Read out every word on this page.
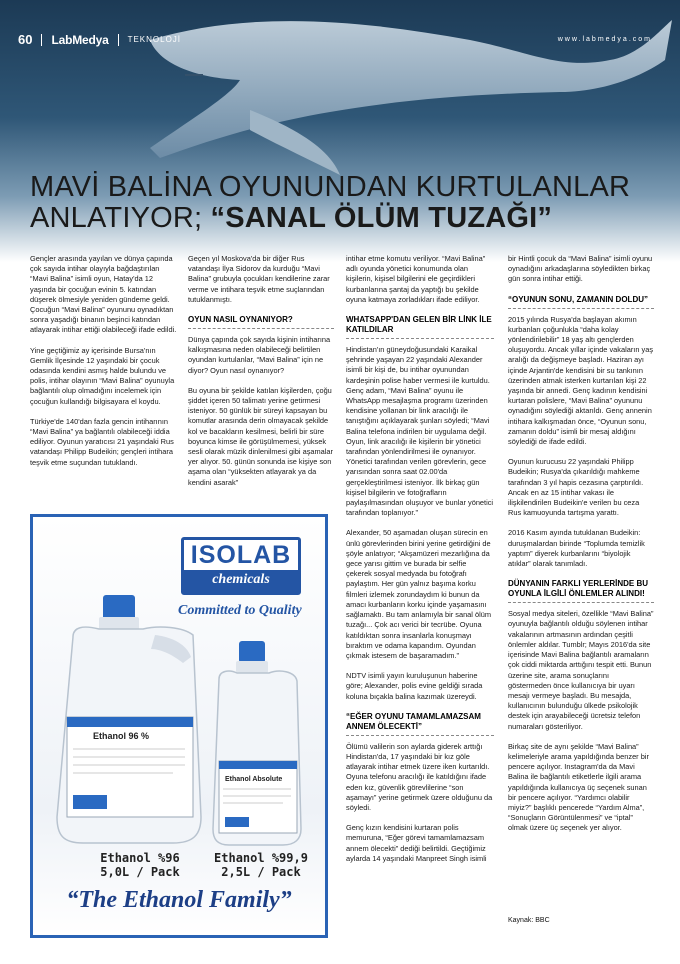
60 LabMedya TEKNOLOJİ	www.labmedya.com
MAVİ BALİNA OYUNUNDAN KURTULANLAR
ANLATIYOR; “SANAL ÖLÜM TUZAĞI”

Gençler arasında yayılan ve dünya çapında çok sayıda intihar olayıyla bağdaştırılan “Mavi Balina” isimli oyun, Hatay'da 12 yaşında bir çocuğun evinin 5. katından düşerek ölmesiyle yeniden gündeme geldi. Çocuğun “Mavi Balina” oyununu oynadıktan sonra yaşadığı binanın beşinci katından atlayarak intihar ettiği olabileceği ifade edildi.

Yine geçtiğimiz ay içerisinde Bursa'nın Gemlik İlçesinde 12 yaşındaki bir çocuk odasında kendini asmış halde bulundu ve polis, intihar olayının “Mavi Balina” oyunuyla bağlantılı olup olmadığını incelemek için çocuğun kullandığı bilgisayara el koydu.

Türkiye'de 140'dan fazla gencin intiharının “Mavi Balina” ya bağlantılı olabileceği iddia ediliyor. Oyunun yaratıcısı 21 yaşındaki Rus vatandaşı Philipp Budeikin; gençleri intihara teşvik etme suçundan tutuklandı.

Geçen yıl Moskova'da bir diğer Rus vatandaşı İlya Sidorov da kurduğu “Mavi Balina” grubuyla çocukları kendilerine zarar verme ve intihara teşvik etme suçlarından tutuklanmıştı.

OYUN NASIL OYNANIYOR?

Dünya çapında çok sayıda kişinin intiharına kalkışmasına neden olabileceği belirtilen oyundan kurtulanlar, “Mavi Balina” için ne diyor? Oyun nasıl oynanıyor?

Bu oyuna bir şekilde katılan kişilerden, çoğu şiddet içeren 50 talimatı yerine getirmesi isteniyor. 50 günlük bir süreyi kapsayan bu komutlar arasında derin olmayacak şekilde kol ve bacakların kesilmesi, belirli bir süre boyunca kimse ile görüşülmemesi, yüksek sesli olarak müzik dinlenilmesi gibi aşamalar yer alıyor. 50. günün sonunda ise kişiye son aşama olan “yüksekten atlayarak ya da kendini asarak”

intihar etme komutu veriliyor. “Mavi Balina” adlı oyunda yönetici konumunda olan kişilerin, kişisel bilgilerini ele geçirdikleri kurbanlarına şantaj da yaptığı bu şekilde oyuna katmaya zorladıkları ifade ediliyor.

WHATSAPP'DAN GELEN BİR LİNK İLE KATILDILAR

Hindistan'ın güneydoğusundaki Karaikal şehrinde yaşayan 22 yaşındaki Alexander isimli bir kişi de, bu intihar oyunundan kardeşinin polise haber vermesi ile kurtuldu. Genç adam, “Mavi Balina” oyunu ile WhatsApp mesajlaşma programı üzerinden kendisine yollanan bir link aracılığı ile tanıştığını açıklayarak şunları söyledi; “Mavi Balina telefona indirilen bir uygulama değil. Oyun, link aracılığı ile kişilerin bir yönetici tarafından yönlendirilmesi ile oynanıyor. Yönetici tarafından verilen görevlerin, gece yarısından sonra saat 02.00'da gerçekleştirilmesi isteniyor. İlk birkaç gün kişisel bilgilerin ve fotoğrafların paylaşılmasından oluşuyor ve bunlar yönetici tarafından toplanıyor.”

Alexander, 50 aşamadan oluşan sürecin en ünlü görevlerinden birini yerine getirdiğini de şöyle anlatıyor; “Akşamüzeri mezarlığına da gece yarısı gittim ve burada bir selfie çekerek sosyal medyada bu fotoğrafı paylaştım. Her gün yalnız başıma korku filmleri izlemek zorundaydım ki bunun da amacı kurbanların korku içinde yaşamasını sağlamaktı. Bu tam anlamıyla bir sanal ölüm tuzağı... Çok acı verici bir tecrübe. Oyuna katıldıktan sonra insanlarla konuşmayı bıraktım ve odama kapandım. Oyundan çıkmak istesem de başaramadım.”

NDTV isimli yayın kuruluşunun haberine göre; Alexander, polis evine geldiği sırada koluna bıçakla balina kazımak üzereydi.

“EĞER OYUNU TAMAMLAMAZSAM ANNEM ÖLECEKTİ”

Ölümü valilerin son aylarda giderek arttığı Hindistan'da, 17 yaşındaki bir kız göle atlayarak intihar etmek üzere iken kurtarıldı. Oyuna telefonu aracılığı ile katıldığını ifade eden kız, güvenlik görevlilerine “son aşamayı” yerine getirmek üzere olduğunu da söyledi.

Genç kızın kendisini kurtaran polis memuruna, “Eğer görevi tamamlamazsam annem ölecekti” dediği belirtildi. Geçtiğimiz aylarda 14 yaşındaki Manpreet Singh isimli

bir Hintli çocuk da “Mavi Balina” isimli oyunu oynadığını arkadaşlarına söyledikten birkaç gün sonra intihar ettiği.

“OYUNUN SONU, ZAMANIN DOLDU”

2015 yılında Rusya'da başlayan akımın kurbanları çoğunlukla “daha kolay yönlendirilebilir” 18 yaş altı gençlerden oluşuyordu. Ancak yıllar içinde vakaların yaş aralığı da değişmeye başladı. Haziran ayı içinde Arjantin'de kendisini bir su tankının üzerinden atmak isterken kurtarılan kişi 22 yaşında bir annedi. Genç kadının kendisini kurtaran polislere, “Mavi Balina” oyununu oynadığını söylediği aktarıldı. Genç annenin intihara kalkışmadan önce, “Oyunun sonu, zamanın doldu” isimli bir mesaj aldığını söylediği de ifade edildi.

Oyunun kurucusu 22 yaşındaki Philipp Budeikin; Rusya'da çıkarıldığı mahkeme tarafından 3 yıl hapis cezasına çarptırıldı. Ancak en az 15 intihar vakası ile ilişkilendirilen Budeikin'e verilen bu ceza Rus kamuoyunda tartışma yarattı.

2016 Kasım ayında tutuklanan Budeikin: duruşmalardan birinde “Toplumda temizlik yaptım” diyerek kurbanlarını “biyolojik atıklar” olarak tanımladı.

DÜNYANIN FARKLI YERLERİNDE BU OYUNLA İLGİLİ ÖNLEMLER ALINDI!

Sosyal medya siteleri, özellikle “Mavi Balina” oyunuyla bağlantılı olduğu söylenen intihar vakalarının artmasının ardından çeşitli önlemler aldılar. Tumblr; Mayıs 2016'da site içerisinde Mavi Balina bağlantılı aramaların çok ciddi miktarda arttığını tespit etti. Bunun üzerine site, arama sonuçlarını göstermeden önce kullanıcıya bir uyarı mesajı vermeye başladı. Bu mesajda, kullanıcının bulunduğu ülkede psikolojik destek için arayabileceği ücretsiz telefon numaraları gösteriliyor.

Birkaç site de aynı şekilde “Mavi Balina” kelimeleriyle arama yapıldığında benzer bir pencere açılıyor. Instagram'da da Mavi Balina ile bağlantılı etiketlerle ilgili arama yapıldığında kullanıcıya üç seçenek sunan bir pencere açılıyor. “Yardımcı olabilir miyiz?” başlıklı pencerede “Yardım Alma”, “Sonuçların Görüntülenmesi” ve “iptal” olmak üzere üç seçenek yer alıyor.

Kaynak: BBC
ISOLAB
chemicals
Committed to Quality
Ethanol 96 %
Ethanol Absolute
Ethanol %96
5,0L / Pack
Ethanol %99,9
2,5L / Pack
“The Ethanol Family”
